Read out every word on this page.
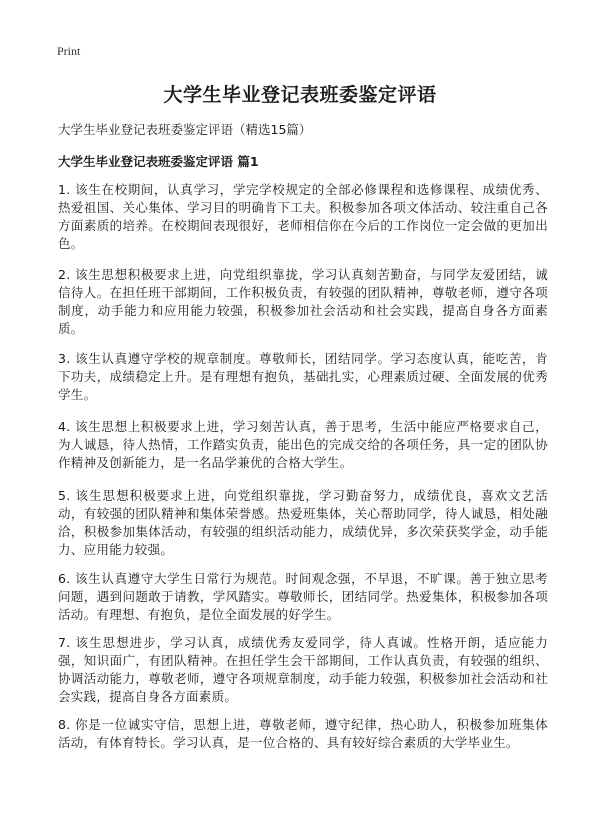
Print
大学生毕业登记表班委鉴定评语

大学生毕业登记表班委鉴定评语（精选15篇）

大学生毕业登记表班委鉴定评语 篇1

1. 该生在校期间，认真学习，学完学校规定的全部必修课程和选修课程、成绩优秀、热爱祖国、关心集体、学习目的明确肯下工夫。积极参加各项文体活动、较注重自己各方面素质的培养。在校期间表现很好，老师相信你在今后的工作岗位一定会做的更加出色。

2. 该生思想积极要求上进，向党组织靠拢，学习认真刻苦勤奋，与同学友爱团结，诚信待人。在担任班干部期间，工作积极负责，有较强的团队精神，尊敬老师，遵守各项制度，动手能力和应用能力较强，积极参加社会活动和社会实践，提高自身各方面素质。

3. 该生认真遵守学校的规章制度。尊敬师长，团结同学。学习态度认真，能吃苦，肯下功夫，成绩稳定上升。是有理想有抱负，基础扎实，心理素质过硬、全面发展的优秀学生。

4. 该生思想上积极要求上进，学习刻苦认真，善于思考，生活中能应严格要求自己，为人诚恳，待人热情，工作踏实负责，能出色的完成交给的各项任务，具一定的团队协作精神及创新能力，是一名品学兼优的合格大学生。

5. 该生思想积极要求上进，向党组织靠拢，学习勤奋努力，成绩优良，喜欢文艺活动，有较强的团队精神和集体荣誉感。热爱班集体，关心帮助同学，待人诚恳，相处融洽，积极参加集体活动，有较强的组织活动能力，成绩优异，多次荣获奖学金，动手能力、应用能力较强。

6. 该生认真遵守大学生日常行为规范。时间观念强，不早退，不旷课。善于独立思考问题，遇到问题敢于请教，学风踏实。尊敬师长，团结同学。热爱集体，积极参加各项活动。有理想、有抱负，是位全面发展的好学生。

7. 该生思想进步，学习认真，成绩优秀友爱同学，待人真诚。性格开朗，适应能力强，知识面广，有团队精神。在担任学生会干部期间，工作认真负责，有较强的组织、协调活动能力，尊敬老师，遵守各项规章制度，动手能力较强，积极参加社会活动和社会实践，提高自身各方面素质。

8. 你是一位诚实守信，思想上进，尊敬老师，遵守纪律，热心助人，积极参加班集体活动，有体育特长。学习认真，是一位合格的、具有较好综合素质的大学毕业生。
